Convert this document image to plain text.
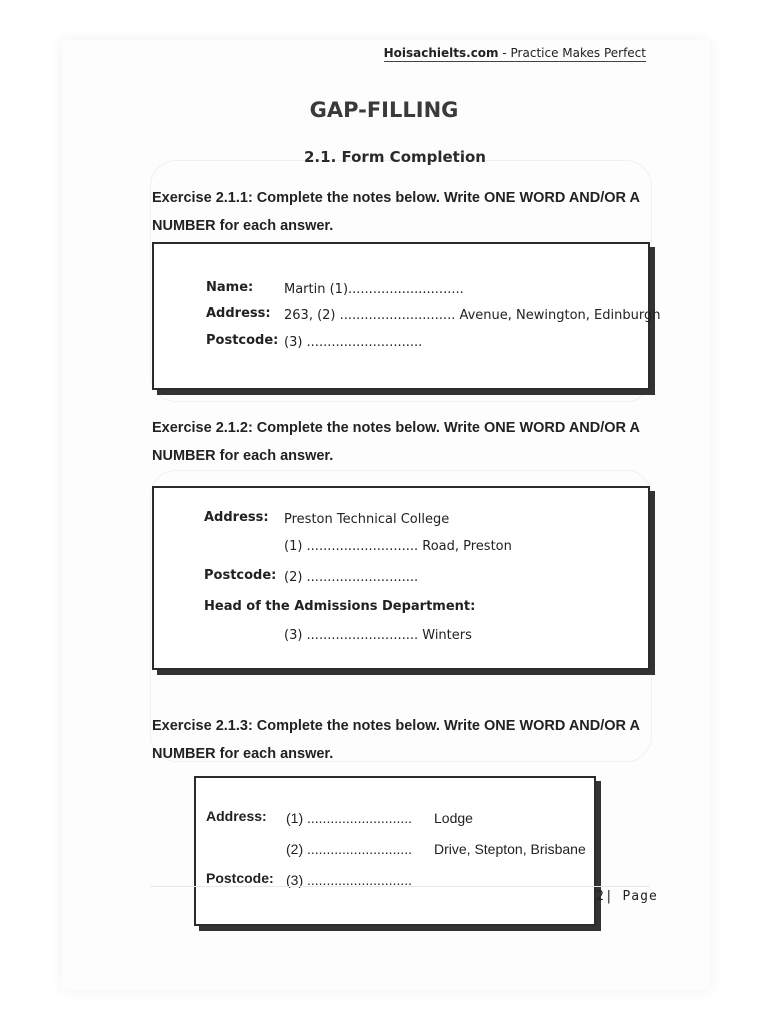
Hoisachielts.com - Practice Makes Perfect
GAP-FILLING
2.1. Form Completion
Exercise 2.1.1: Complete the notes below. Write ONE WORD AND/OR A NUMBER for each answer.
Name: Martin (1)............................
Address: 263, (2) ............................ Avenue, Newington, Edinburgh
Postcode: (3) ............................
Exercise 2.1.2: Complete the notes below. Write ONE WORD AND/OR A NUMBER for each answer.
Address: Preston Technical College
(1) ........................... Road, Preston
Postcode: (2) ...........................
Head of the Admissions Department:
(3) ........................... Winters
Exercise 2.1.3: Complete the notes below. Write ONE WORD AND/OR A NUMBER for each answer.
Address: (1) ........................... Lodge
(2) ........................... Drive, Stepton, Brisbane
Postcode: (3) ...........................
2| Page
